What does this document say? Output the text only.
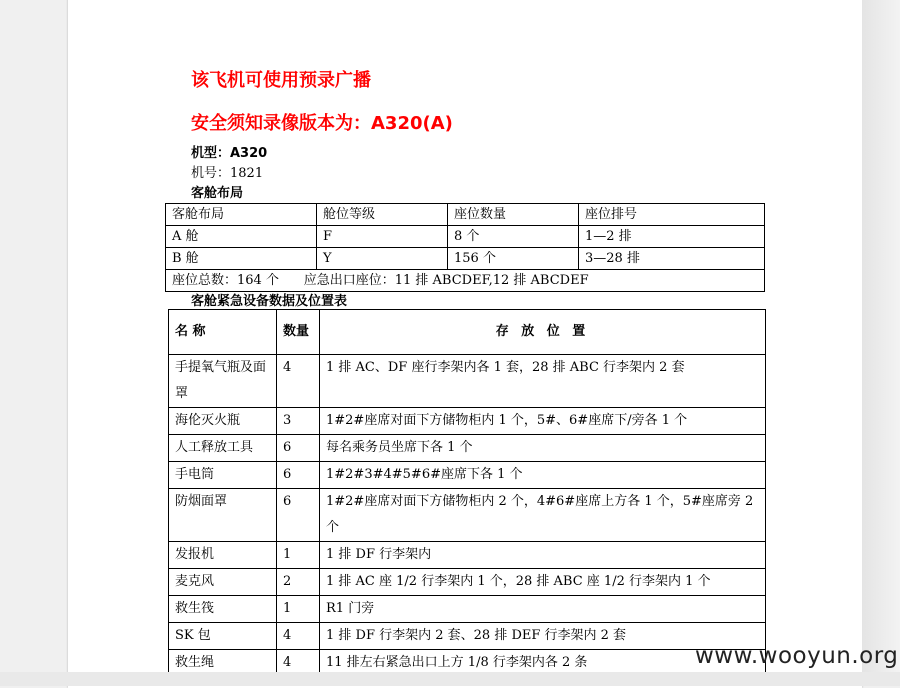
该飞机可使用预录广播
安全须知录像版本为：A320(A)
机型：A320
机号：1821
客舱布局
客舱布局	舱位等级	座位数量	座位排号
A 舱	F	8 个	1—2 排
B 舱	Y	156 个	3—28 排
座位总数：164 个      应急出口座位：11 排 ABCDEF,12 排 ABCDEF			
客舱紧急设备数据及位置表
名 称	数量	存 放 位 置
手提氧气瓶及面罩	4	1 排 AC、DF 座行李架内各 1 套，28 排 ABC 行李架内 2 套
海伦灭火瓶	3	1#2#座席对面下方储物柜内 1 个，5#、6#座席下/旁各 1 个
人工释放工具	6	每名乘务员坐席下各 1 个
手电筒	6	1#2#3#4#5#6#座席下各 1 个
防烟面罩	6	1#2#座席对面下方储物柜内 2 个，4#6#座席上方各 1 个，5#座席旁 2 个
发报机	1	1 排 DF 行李架内
麦克风	2	1 排 AC 座 1/2 行李架内 1 个，28 排 ABC 座 1/2 行李架内 1 个
救生筏	1	R1 门旁
SK 包	4	1 排 DF 行李架内 2 套、28 排 DEF 行李架内 2 套
救生绳	4	11 排左右紧急出口上方 1/8 行李架内各 2 条	www.wooyun.org
